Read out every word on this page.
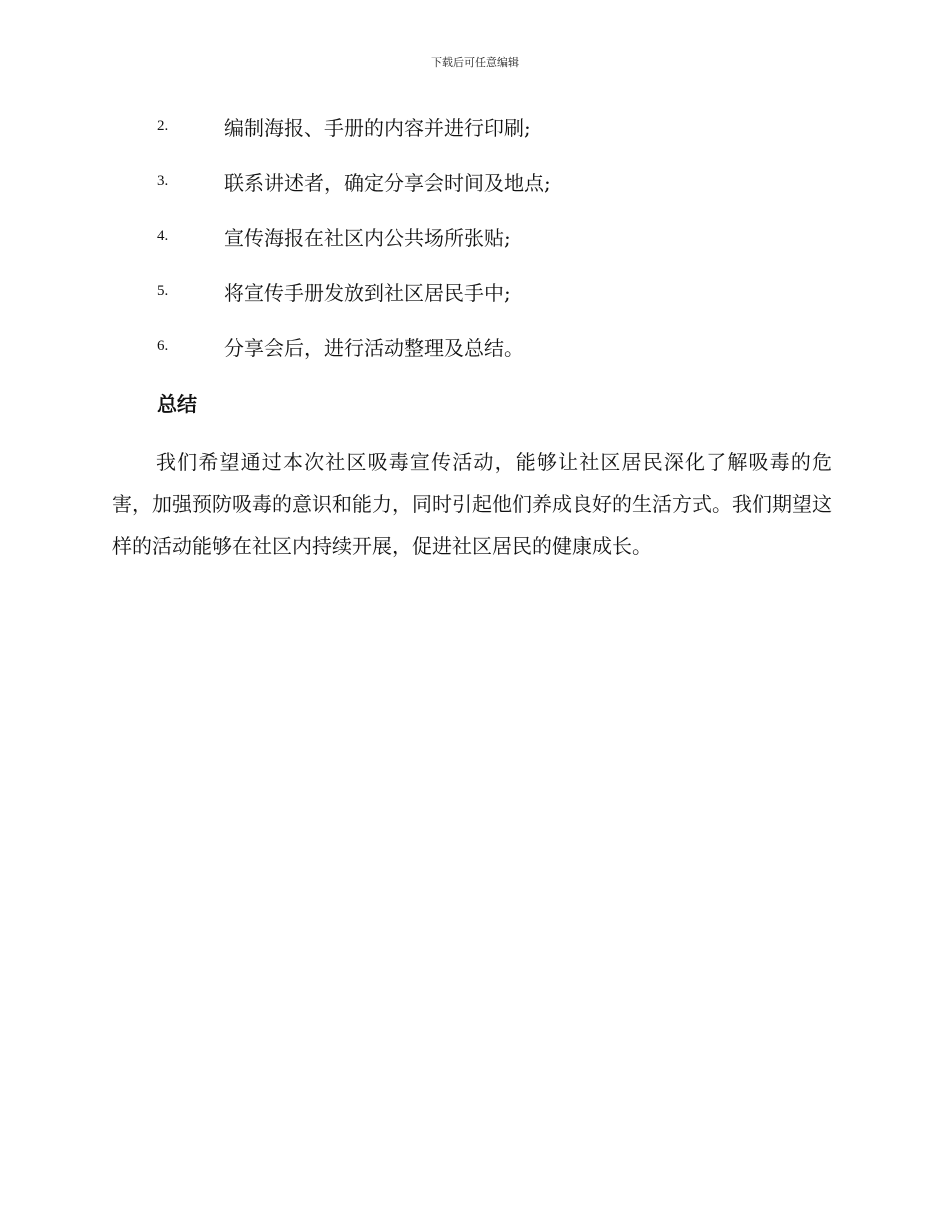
下载后可任意编辑
2.	编制海报、手册的内容并进行印刷;
3.	联系讲述者，确定分享会时间及地点;
4.	宣传海报在社区内公共场所张贴;
5.	将宣传手册发放到社区居民手中;
6.	分享会后，进行活动整理及总结。
总结

我们希望通过本次社区吸毒宣传活动，能够让社区居民深化了解吸毒的危害，加强预防吸毒的意识和能力，同时引起他们养成良好的生活方式。我们期望这样的活动能够在社区内持续开展，促进社区居民的健康成长。
